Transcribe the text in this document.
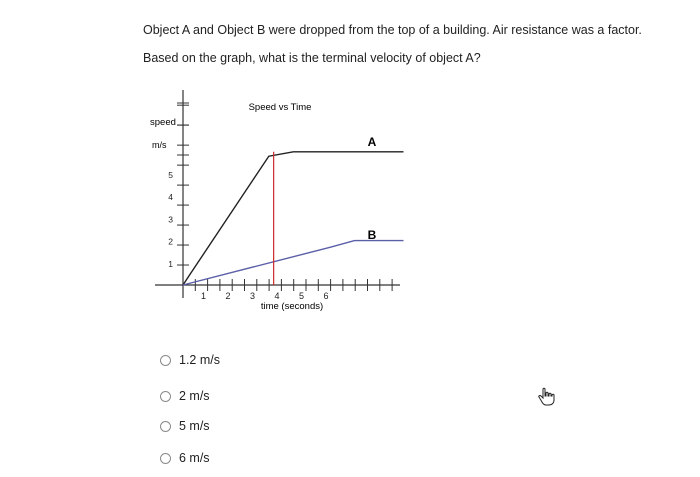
Object A and Object B were dropped from the top of a building. Air resistance was a factor.
Based on the graph, what is the terminal velocity of object A?
Speed vs Time
speed
m/s
time (seconds)
A
B
1
2
3
4
5
1 2 3 4 5 6
1.2 m/s
2 m/s
5 m/s
6 m/s
